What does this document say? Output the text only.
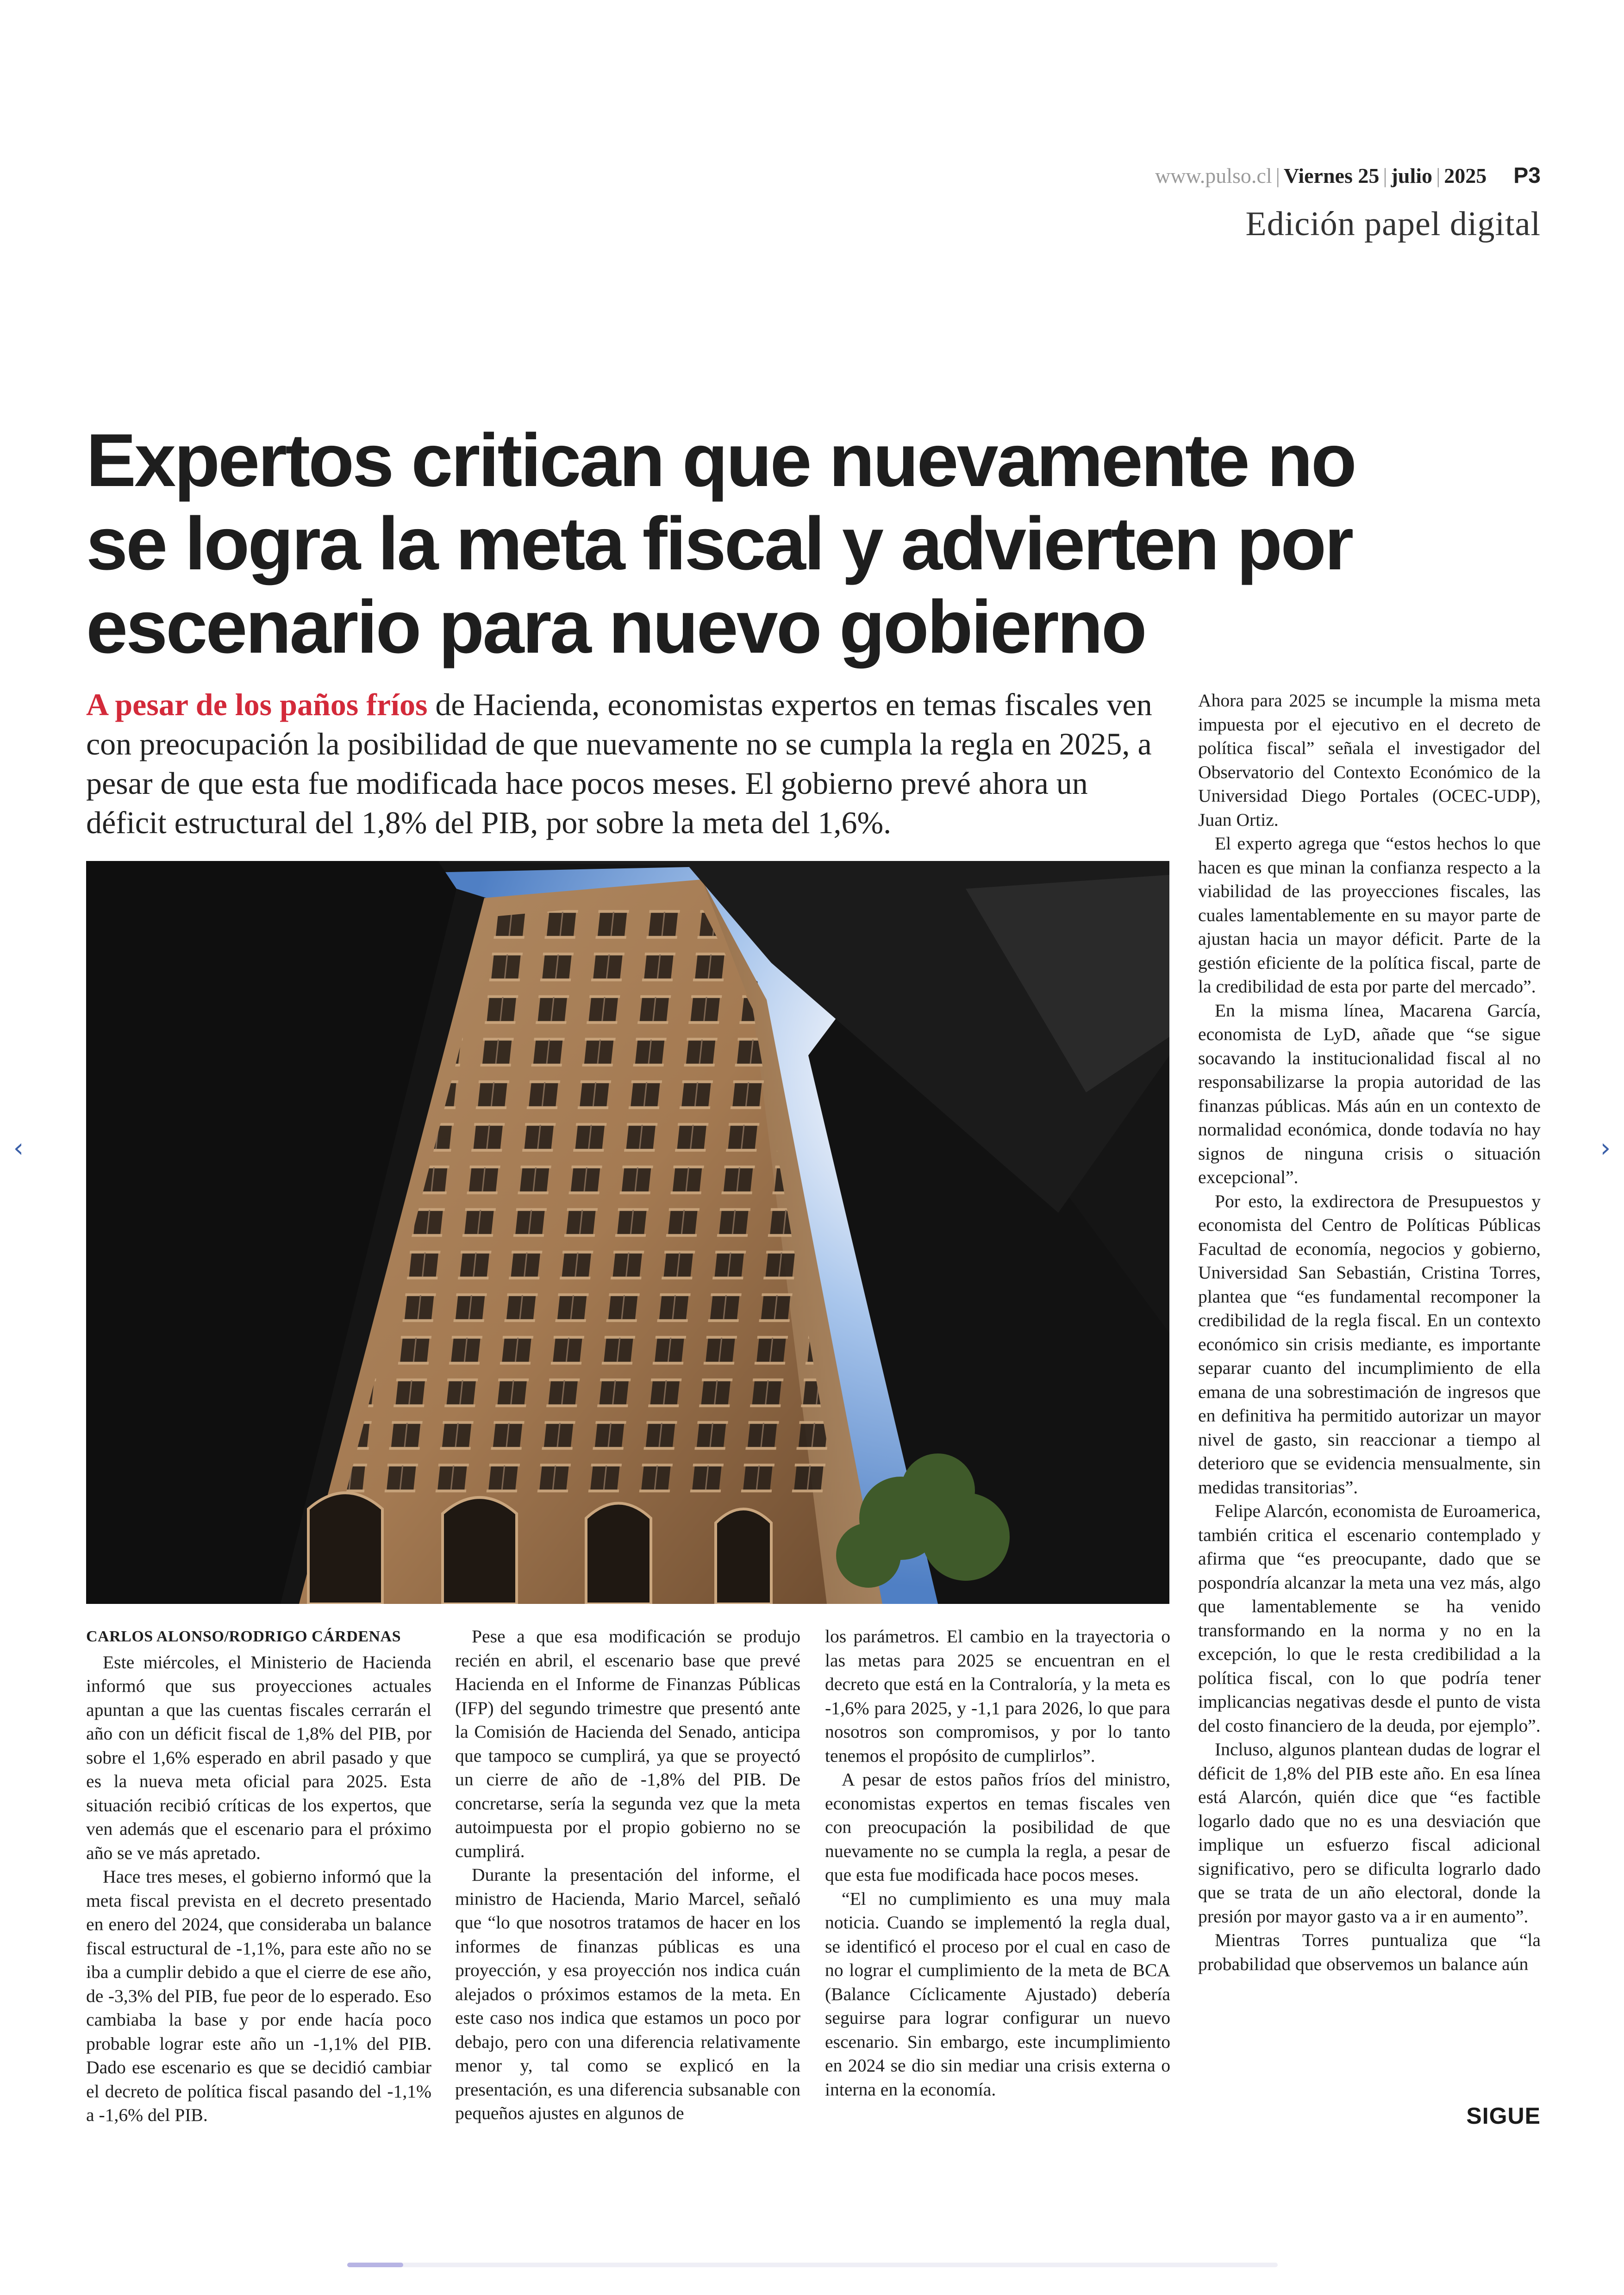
www.pulso.cl | Viernes 25 | julio | 2025 P3
Edición papel digital
Expertos critican que nuevamente no
se logra la meta fiscal y advierten por
escenario para nuevo gobierno
A pesar de los paños fríos de Hacienda, economistas expertos en temas fiscales ven con preocupación la posibilidad de que nuevamente no se cumpla la regla en 2025, a pesar de que esta fue modificada hace pocos meses. El gobierno prevé ahora un déficit estructural del 1,8% del PIB, por sobre la meta del 1,6%.

CARLOS ALONSO/RODRIGO CÁRDENAS

Este miércoles, el Ministerio de Hacienda informó que sus proyecciones actuales apuntan a que las cuentas fiscales cerrarán el año con un déficit fiscal de 1,8% del PIB, por sobre el 1,6% esperado en abril pasado y que es la nueva meta oficial para 2025. Esta situación recibió críticas de los expertos, que ven además que el escenario para el próximo año se ve más apretado.

Hace tres meses, el gobierno informó que la meta fiscal prevista en el decreto presentado en enero del 2024, que consideraba un balance fiscal estructural de -1,1%, para este año no se iba a cumplir debido a que el cierre de ese año, de -3,3% del PIB, fue peor de lo esperado. Eso cambiaba la base y por ende hacía poco probable lograr este año un -1,1% del PIB. Dado ese escenario es que se decidió cambiar el decreto de política fiscal pasando del -1,1% a -1,6% del PIB.

Pese a que esa modificación se produjo recién en abril, el escenario base que prevé Hacienda en el Informe de Finanzas Públicas (IFP) del segundo trimestre que presentó ante la Comisión de Hacienda del Senado, anticipa que tampoco se cumplirá, ya que se proyectó un cierre de año de -1,8% del PIB. De concretarse, sería la segunda vez que la meta autoimpuesta por el propio gobierno no se cumplirá.

Durante la presentación del informe, el ministro de Hacienda, Mario Marcel, señaló que “lo que nosotros tratamos de hacer en los informes de finanzas públicas es una proyección, y esa proyección nos indica cuán alejados o próximos estamos de la meta. En este caso nos indica que estamos un poco por debajo, pero con una diferencia relativamente menor y, tal como se explicó en la presentación, es una diferencia subsanable con pequeños ajustes en algunos de

los parámetros. El cambio en la trayectoria o las metas para 2025 se encuentran en el decreto que está en la Contraloría, y la meta es -1,6% para 2025, y -1,1 para 2026, lo que para nosotros son compromisos, y por lo tanto tenemos el propósito de cumplirlos”.

A pesar de estos paños fríos del ministro, economistas expertos en temas fiscales ven con preocupación la posibilidad de que nuevamente no se cumpla la regla, a pesar de que esta fue modificada hace pocos meses.

“El no cumplimiento es una muy mala noticia. Cuando se implementó la regla dual, se identificó el proceso por el cual en caso de no lograr el cumplimiento de la meta de BCA (Balance Cíclicamente Ajustado) debería seguirse para lograr configurar un nuevo escenario. Sin embargo, este incumplimiento en 2024 se dio sin mediar una crisis externa o interna en la economía.

Ahora para 2025 se incumple la misma meta impuesta por el ejecutivo en el decreto de política fiscal” señala el investigador del Observatorio del Contexto Económico de la Universidad Diego Portales (OCEC-UDP), Juan Ortiz.

El experto agrega que “estos hechos lo que hacen es que minan la confianza respecto a la viabilidad de las proyecciones fiscales, las cuales lamentablemente en su mayor parte de ajustan hacia un mayor déficit. Parte de la gestión eficiente de la política fiscal, parte de la credibilidad de esta por parte del mercado”.

En la misma línea, Macarena García, economista de LyD, añade que “se sigue socavando la institucionalidad fiscal al no responsabilizarse la propia autoridad de las finanzas públicas. Más aún en un contexto de normalidad económica, donde todavía no hay signos de ninguna crisis o situación excepcional”.

Por esto, la exdirectora de Presupuestos y economista del Centro de Políticas Públicas Facultad de economía, negocios y gobierno, Universidad San Sebastián, Cristina Torres, plantea que “es fundamental recomponer la credibilidad de la regla fiscal. En un contexto económico sin crisis mediante, es importante separar cuanto del incumplimiento de ella emana de una sobrestimación de ingresos que en definitiva ha permitido autorizar un mayor nivel de gasto, sin reaccionar a tiempo al deterioro que se evidencia mensualmente, sin medidas transitorias”.

Felipe Alarcón, economista de Euroamerica, también critica el escenario contemplado y afirma que “es preocupante, dado que se pospondría alcanzar la meta una vez más, algo que lamentablemente se ha venido transformando en la norma y no en la excepción, lo que le resta credibilidad a la política fiscal, con lo que podría tener implicancias negativas desde el punto de vista del costo financiero de la deuda, por ejemplo”.

Incluso, algunos plantean dudas de lograr el déficit de 1,8% del PIB este año. En esa línea está Alarcón, quién dice que “es factible logarlo dado que no es una desviación que implique un esfuerzo fiscal adicional significativo, pero se dificulta lograrlo dado que se trata de un año electoral, donde la presión por mayor gasto va a ir en aumento”.

Mientras Torres puntualiza que “la probabilidad que observemos un balance aún

SIGUE
‹	›
